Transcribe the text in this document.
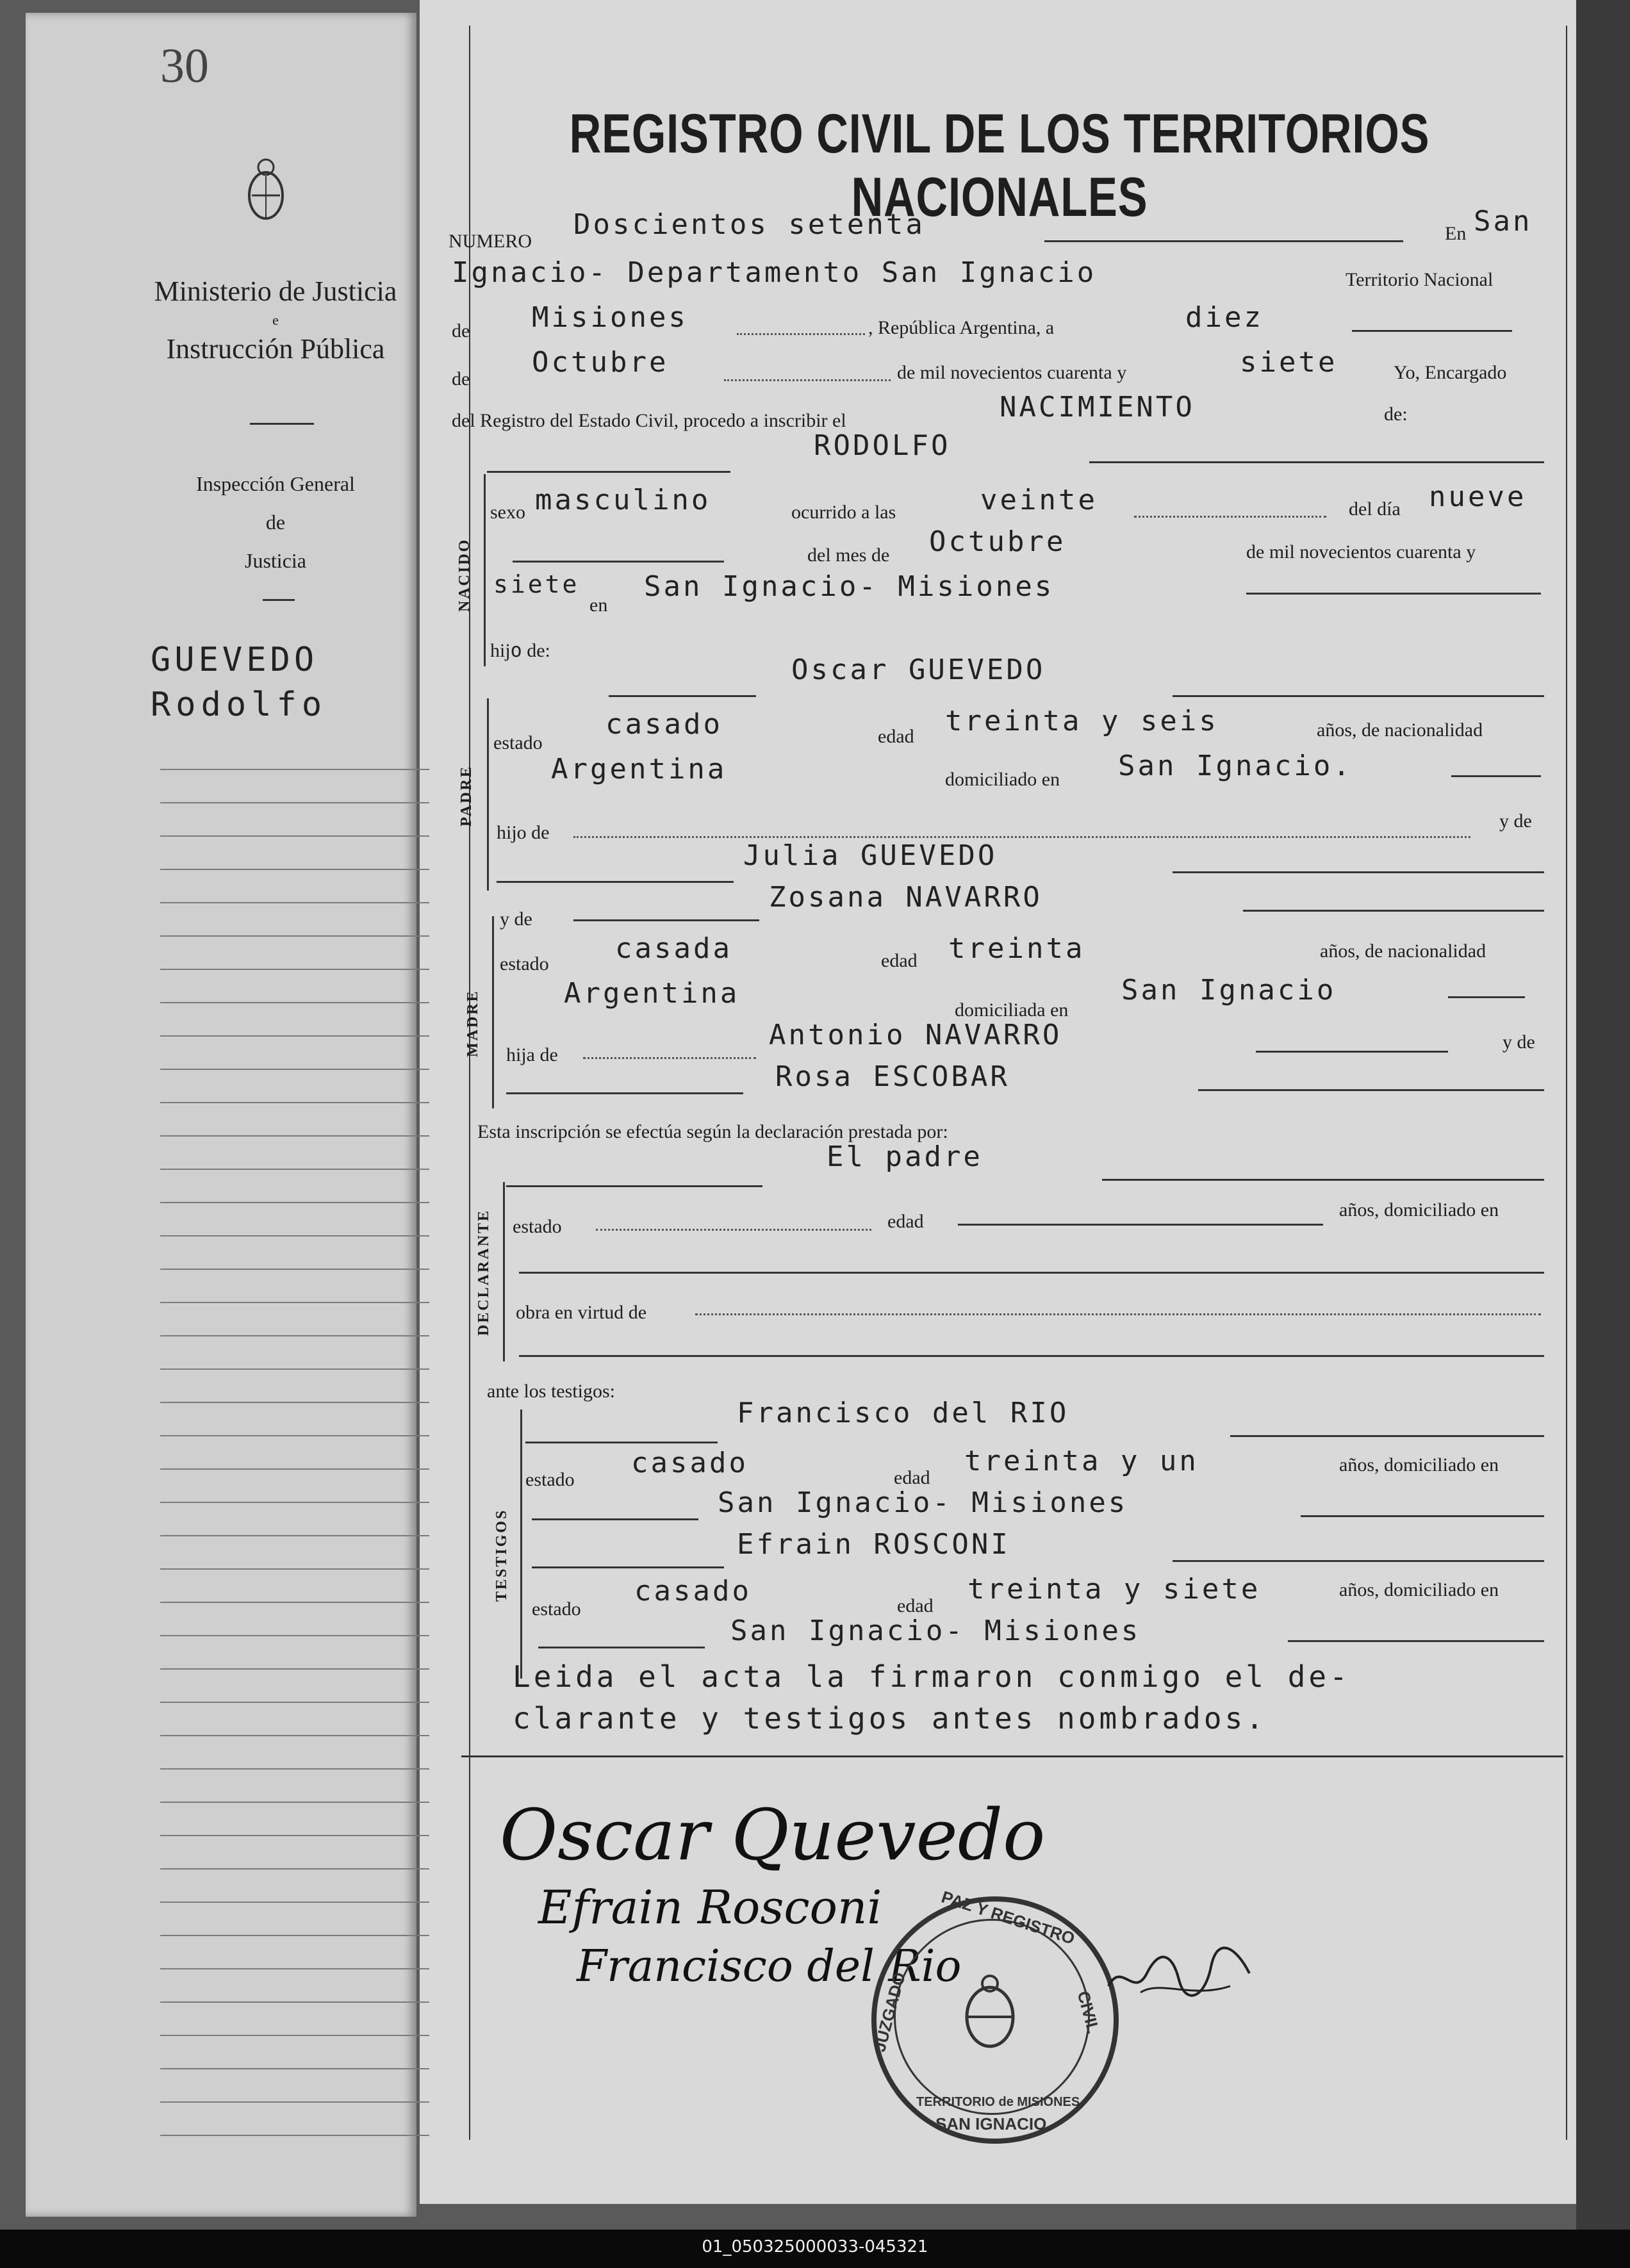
30
Ministerio de Justicia
e
Instrucción Pública
Inspección General
de
Justicia
GUEVEDO
Rodolfo
REGISTRO CIVIL DE LOS TERRITORIOS NACIONALES
NUMERO
Doscientos setenta	En San
Ignacio- Departamento San Ignacio	Territorio Nacional
de Misiones	, República Argentina, a	diez
de
Octubre	de mil novecientos cuarenta y	siete	Yo, Encargado
del Registro del Estado Civil, procedo a inscribir el	NACIMIENTO	de:
NACIDO
RODOLFO
sexo masculino	ocurrido a las	veinte	del día nueve
del mes de Octubre	de mil novecientos cuarenta y
siete
en
San Ignacio- Misiones
hijo de:
PADRE
Oscar GUEVEDO
estado
casado	edad treinta y seis	años, de nacionalidad
Argentina	domiciliado en San Ignacio.
hijo de
y de
Julia GUEVEDO
MADRE
y de
Zosana NAVARRO
estado casada	edad treinta	años, de nacionalidad
Argentina
domiciliada en
San Ignacio
hija de
Antonio NAVARRO	y de
Rosa ESCOBAR
Esta inscripción se efectúa según la declaración prestada por:
El padre
DECLARANTE estado	edad
años, domiciliado en
obra en virtud de
ante los testigos:
TESTIGOS
Francisco del RIO
estado
casado	edad
treinta y un	años, domiciliado en
San Ignacio- Misiones
Efrain ROSCONI
estado
casado	edad
treinta y siete	años, domiciliado en
San Ignacio- Misiones
Leida el acta la firmaron conmigo el de-
clarante y testigos antes nombrados.
Oscar Quevedo
Efrain Rosconi
Francisco del Rio
PAZ Y REGISTRO
JUZGADO	CIVIL
TERRITORIO de MISIONES
SAN IGNACIO
01_050325000033-045321
